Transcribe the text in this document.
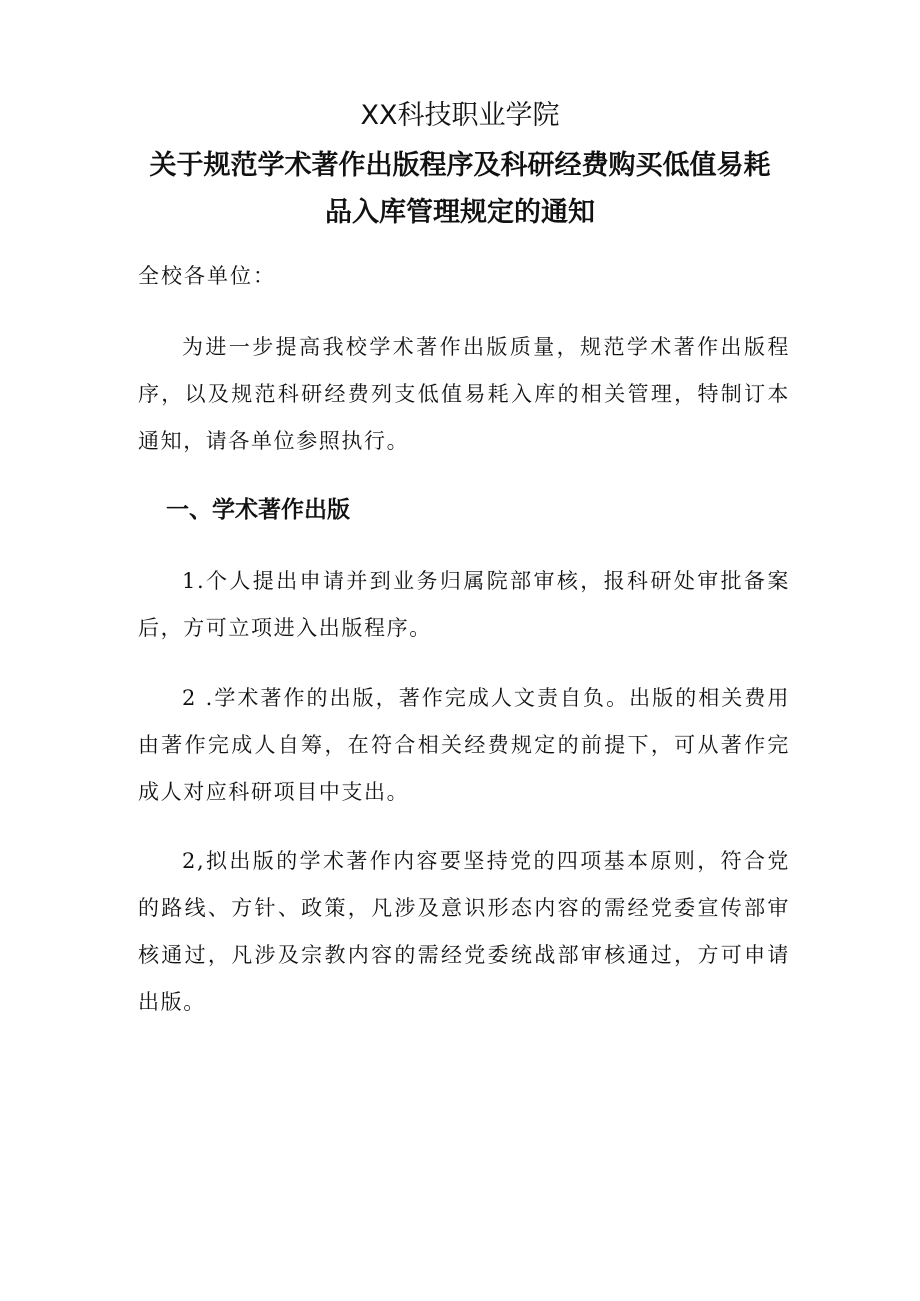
XX科技职业学院
关于规范学术著作出版程序及科研经费购买低值易耗
品入库管理规定的通知
全校各单位：

为进一步提高我校学术著作出版质量，规范学术著作出版程序，以及规范科研经费列支低值易耗入库的相关管理，特制订本通知，请各单位参照执行。

一、学术著作出版

1.个人提出申请并到业务归属院部审核，报科研处审批备案后，方可立项进入出版程序。

2 .学术著作的出版，著作完成人文责自负。出版的相关费用由著作完成人自筹，在符合相关经费规定的前提下，可从著作完成人对应科研项目中支出。

2,拟出版的学术著作内容要坚持党的四项基本原则，符合党的路线、方针、政策，凡涉及意识形态内容的需经党委宣传部审核通过，凡涉及宗教内容的需经党委统战部审核通过，方可申请出版。
